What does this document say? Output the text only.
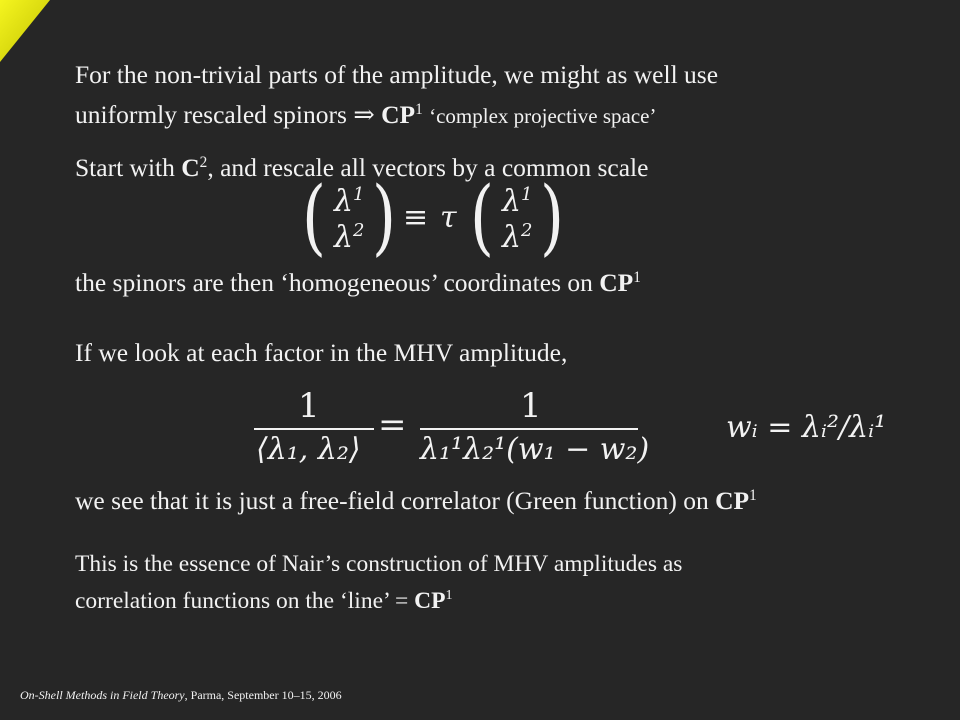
For the non-trivial parts of the amplitude, we might as well use
uniformly rescaled spinors ⇒ $CP^1$ ‘complex projective space’
Start with $C^2$, and rescale all vectors by a common scale
( $\lambda^1$
$\lambda^2$ ) ≡ τ ( $\lambda^1$
$\lambda^2$ )
the spinors are then ‘homogeneous’ coordinates on $CP^1$
If we look at each factor in the MHV amplitude,
1
⟨λ₁, λ₂⟩
=	1
λ₁¹λ₂¹(w₁ − w₂)
wᵢ = λᵢ²/λᵢ¹
we see that it is just a free-field correlator (Green function) on $CP^1$
This is the essence of Nair’s construction of MHV amplitudes as
correlation functions on the ‘line’ = $CP^1$
On-Shell Methods in Field Theory, Parma, September 10–15, 2006
